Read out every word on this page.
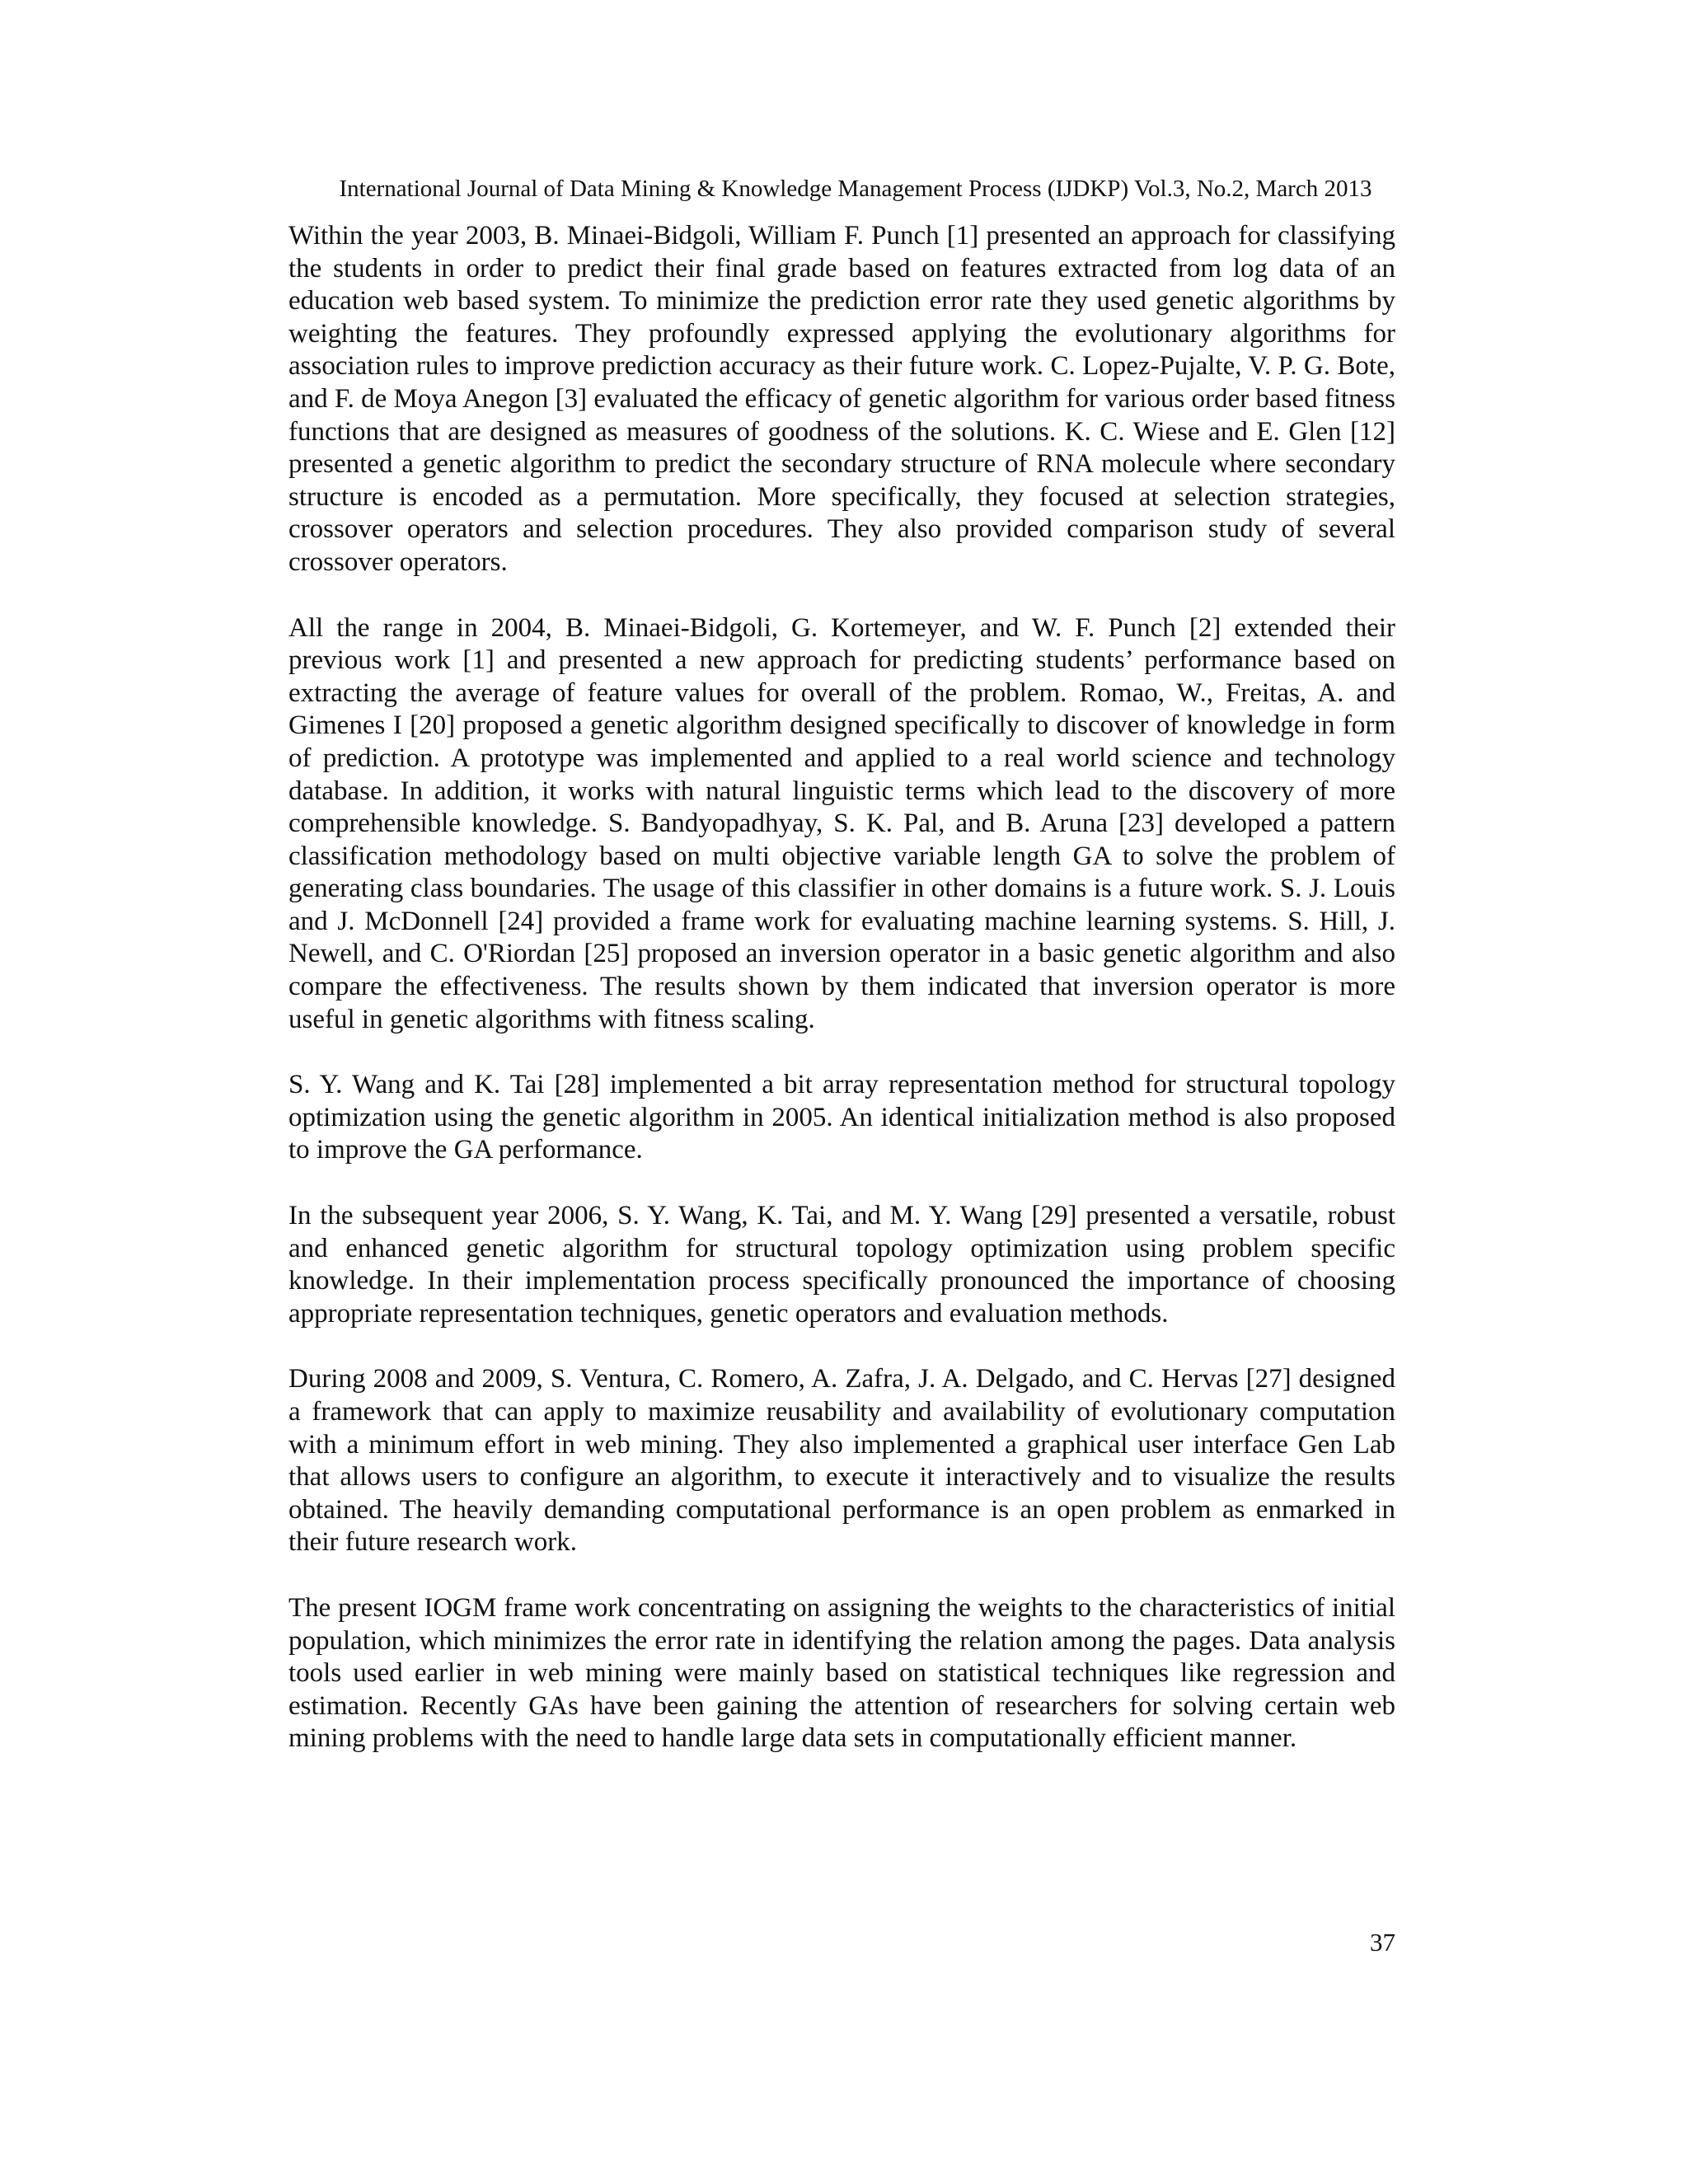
International Journal of Data Mining & Knowledge Management Process (IJDKP) Vol.3, No.2, March 2013

Within the year 2003, B. Minaei-Bidgoli, William F. Punch [1] presented an approach for classifying the students in order to predict their final grade based on features extracted from log data of an education web based system. To minimize the prediction error rate they used genetic algorithms by weighting the features. They profoundly expressed applying the evolutionary algorithms for association rules to improve prediction accuracy as their future work. C. Lopez-Pujalte, V. P. G. Bote, and F. de Moya Anegon [3] evaluated the efficacy of genetic algorithm for various order based fitness functions that are designed as measures of goodness of the solutions. K. C. Wiese and E. Glen [12] presented a genetic algorithm to predict the secondary structure of RNA molecule where secondary structure is encoded as a permutation. More specifically, they focused at selection strategies, crossover operators and selection procedures. They also provided comparison study of several crossover operators.

All the range in 2004, B. Minaei-Bidgoli, G. Kortemeyer, and W. F. Punch [2] extended their previous work [1] and presented a new approach for predicting students’ performance based on extracting the average of feature values for overall of the problem. Romao, W., Freitas, A. and Gimenes I [20] proposed a genetic algorithm designed specifically to discover of knowledge in form of prediction. A prototype was implemented and applied to a real world science and technology database. In addition, it works with natural linguistic terms which lead to the discovery of more comprehensible knowledge. S. Bandyopadhyay, S. K. Pal, and B. Aruna [23] developed a pattern classification methodology based on multi objective variable length GA to solve the problem of generating class boundaries. The usage of this classifier in other domains is a future work. S. J. Louis and J. McDonnell [24] provided a frame work for evaluating machine learning systems. S. Hill, J. Newell, and C. O'Riordan [25] proposed an inversion operator in a basic genetic algorithm and also compare the effectiveness. The results shown by them indicated that inversion operator is more useful in genetic algorithms with fitness scaling.

S. Y. Wang and K. Tai [28] implemented a bit array representation method for structural topology optimization using the genetic algorithm in 2005. An identical initialization method is also proposed to improve the GA performance.

In the subsequent year 2006, S. Y. Wang, K. Tai, and M. Y. Wang [29] presented a versatile, robust and enhanced genetic algorithm for structural topology optimization using problem specific knowledge. In their implementation process specifically pronounced the importance of choosing appropriate representation techniques, genetic operators and evaluation methods.

During 2008 and 2009, S. Ventura, C. Romero, A. Zafra, J. A. Delgado, and C. Hervas [27] designed a framework that can apply to maximize reusability and availability of evolutionary computation with a minimum effort in web mining. They also implemented a graphical user interface Gen Lab that allows users to configure an algorithm, to execute it interactively and to visualize the results obtained. The heavily demanding computational performance is an open problem as enmarked in their future research work.

The present IOGM frame work concentrating on assigning the weights to the characteristics of initial population, which minimizes the error rate in identifying the relation among the pages. Data analysis tools used earlier in web mining were mainly based on statistical techniques like regression and estimation. Recently GAs have been gaining the attention of researchers for solving certain web mining problems with the need to handle large data sets in computationally efficient manner.

37
